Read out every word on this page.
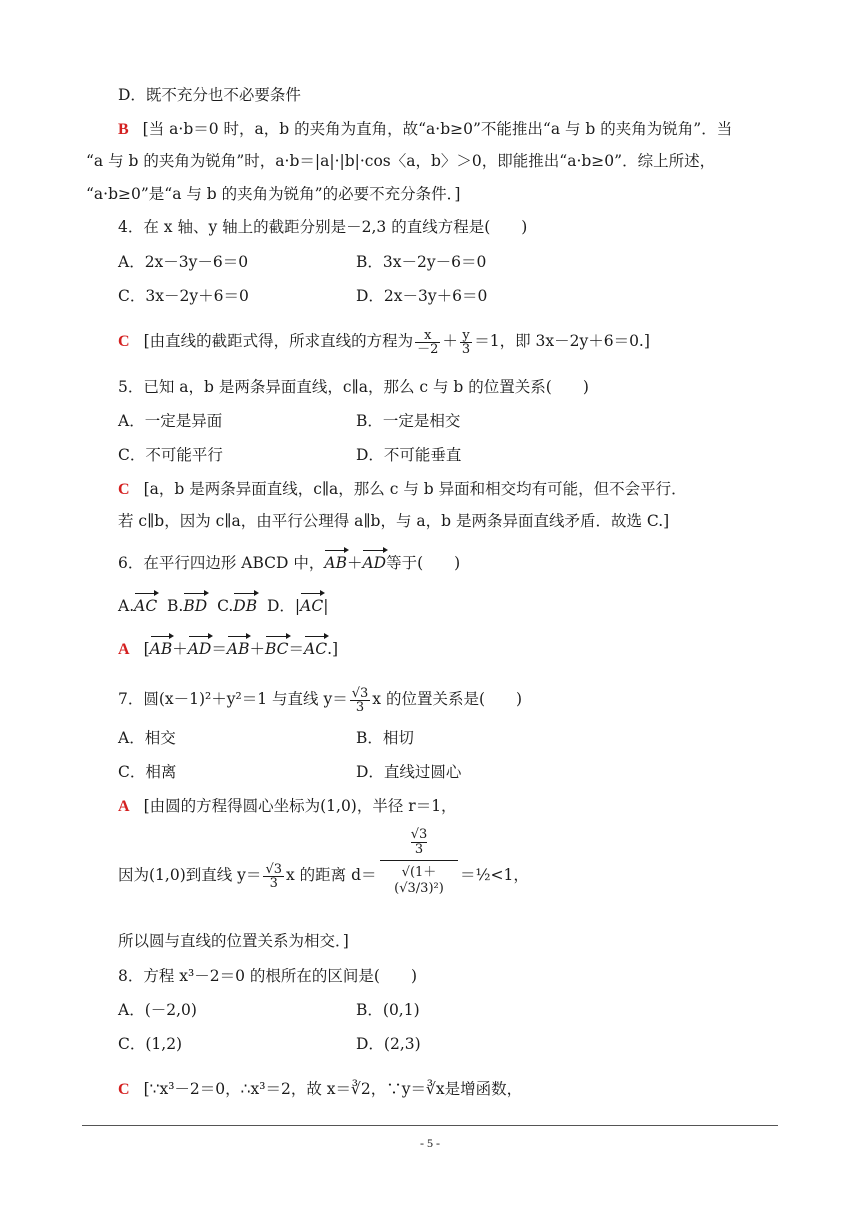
D．既不充分也不必要条件
B [当 a·b＝0 时，a，b 的夹角为直角，故“a·b≥0”不能推出“a 与 b 的夹角为锐角”．当
“a 与 b 的夹角为锐角”时，a·b＝|a|·|b|·cos〈a，b〉＞0，即能推出“a·b≥0”．综上所述，
“a·b≥0”是“a 与 b 的夹角为锐角”的必要不充分条件．]
4．在 x 轴、y 轴上的截距分别是－2,3 的直线方程是(　　)
A．2x－3y－6＝0	B．3x－2y－6＝0
C．3x－2y＋6＝0	D．2x－3y＋6＝0
C [由直线的截距式得，所求直线的方程为 $\frac{x}{-2} + \frac{y}{3} =1$，即 3x－2y＋6＝0.]
5．已知 a，b 是两条异面直线，c∥a，那么 c 与 b 的位置关系(　　)
A．一定是异面	B．一定是相交
C．不可能平行	D．不可能垂直
C [a，b 是两条异面直线，c∥a，那么 c 与 b 异面和相交均有可能，但不会平行．
若 c∥b，因为 c∥a，由平行公理得 a∥b，与 a，b 是两条异面直线矛盾．故选 C.]
6．在平行四边形 ABCD 中，AB＋AD等于(　　)
A.AC B.BD C.DB D．|AC|
A [AB＋AD＝AB＋BC＝AC.]
7．圆(x－1)²＋y²＝1 与直线 $y= \frac{√3}{3}$ x 的位置关系是(　　)
A．相交	B．相切
C．相离	D．直线过圆心
A [由圆的方程得圆心坐标为(1,0)，半径 r＝1，
因为(1,0)到直线 $y= \frac{√3}{3}$ x 的距离 $d= \frac{\frac{√3}{3}}{\text{√(1＋(√3/3)²)}}$ ＝½<1，
所以圆与直线的位置关系为相交．]
8．方程 x³－2＝0 的根所在的区间是(　　)
A．(－2,0)	B．(0,1)
C．(1,2)	D．(2,3)
C [∵x³－2＝0，∴x³＝2，故 x＝∛2，∵y＝∛x是增函数，
- 5 -
